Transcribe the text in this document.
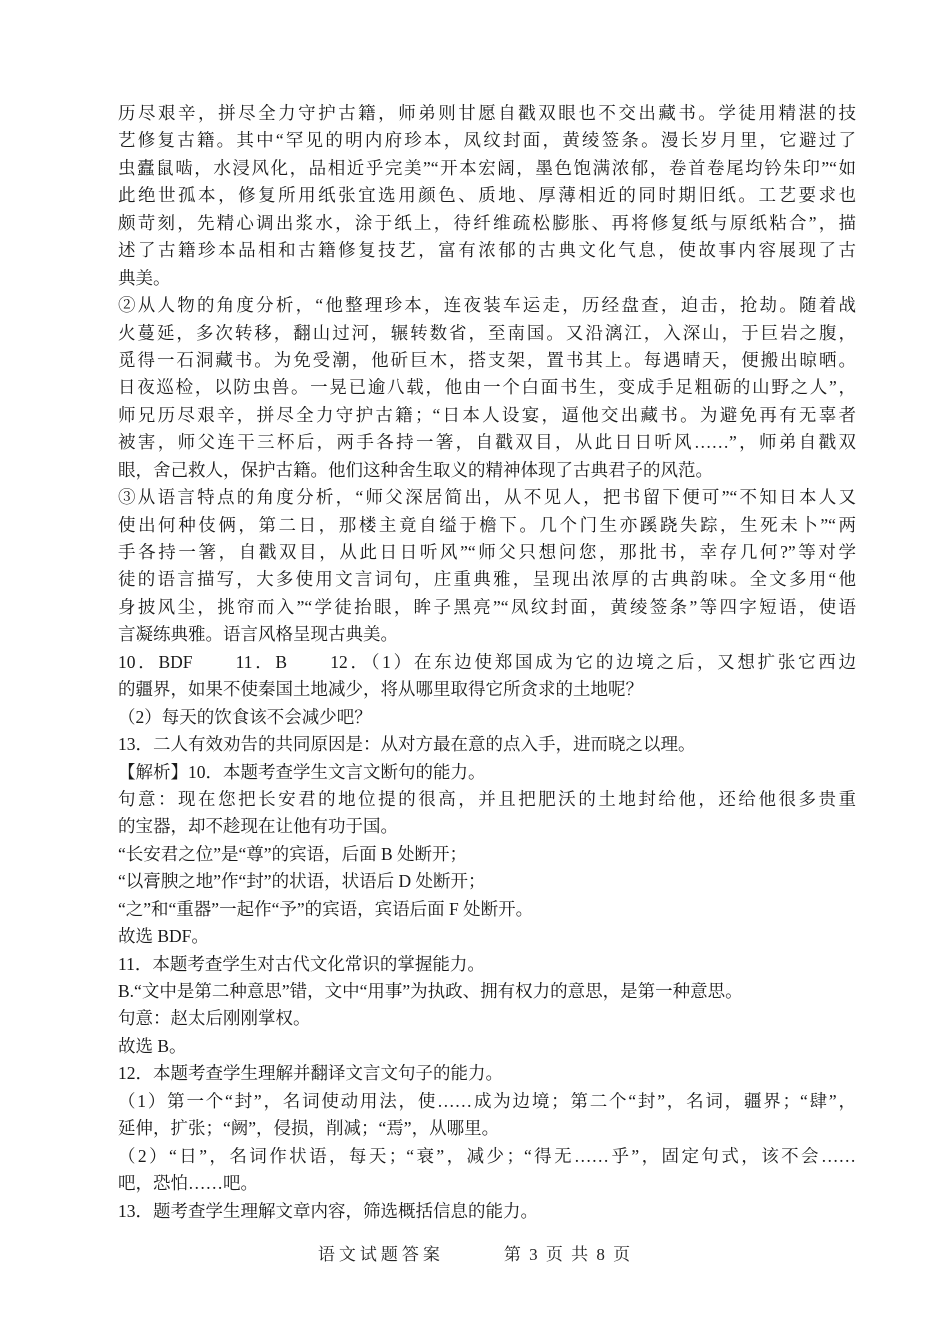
历尽艰辛，拼尽全力守护古籍，师弟则甘愿自戳双眼也不交出藏书。学徒用精湛的技
艺修复古籍。其中“罕见的明内府珍本，凤纹封面，黄绫签条。漫长岁月里，它避过了
虫蠹鼠啮，水浸风化，品相近乎完美”“开本宏阔，墨色饱满浓郁，卷首卷尾均钤朱印”“如
此绝世孤本，修复所用纸张宜选用颜色、质地、厚薄相近的同时期旧纸。工艺要求也
颇苛刻，先精心调出浆水，涂于纸上，待纤维疏松膨胀、再将修复纸与原纸粘合”，描
述了古籍珍本品相和古籍修复技艺，富有浓郁的古典文化气息，使故事内容展现了古
典美。
②从人物的角度分析，“他整理珍本，连夜装车运走，历经盘查，迫击，抢劫。随着战
火蔓延，多次转移，翻山过河，辗转数省，至南国。又沿漓江，入深山，于巨岩之腹，
觅得一石洞藏书。为免受潮，他斫巨木，搭支架，置书其上。每遇晴天，便搬出晾晒。
日夜巡检，以防虫兽。一晃已逾八载，他由一个白面书生，变成手足粗砺的山野之人”，
师兄历尽艰辛，拼尽全力守护古籍；“日本人设宴，逼他交出藏书。为避免再有无辜者
被害，师父连干三杯后，两手各持一箸，自戳双目，从此日日听风……”，师弟自戳双
眼，舍己救人，保护古籍。他们这种舍生取义的精神体现了古典君子的风范。
③从语言特点的角度分析，“师父深居简出，从不见人，把书留下便可”“不知日本人又
使出何种伎俩，第二日，那楼主竟自缢于檐下。几个门生亦蹊跷失踪，生死未卜”“两
手各持一箸，自戳双目，从此日日听风”“师父只想问您，那批书，幸存几何?”等对学
徒的语言描写，大多使用文言词句，庄重典雅，呈现出浓厚的古典韵味。全文多用“他
身披风尘，挑帘而入”“学徒抬眼，眸子黑亮”“凤纹封面，黄绫签条”等四字短语，使语
言凝练典雅。语言风格呈现古典美。
10．BDF　　11．B　　12．（1）在东边使郑国成为它的边境之后，又想扩张它西边
的疆界，如果不使秦国土地减少，将从哪里取得它所贪求的土地呢？
（2）每天的饮食该不会减少吧？
13．二人有效劝告的共同原因是：从对方最在意的点入手，进而晓之以理。
【解析】10．本题考查学生文言文断句的能力。
句意：现在您把长安君的地位提的很高，并且把肥沃的土地封给他，还给他很多贵重
的宝器，却不趁现在让他有功于国。
“长安君之位”是“尊”的宾语，后面 B 处断开；
“以膏腴之地”作“封”的状语，状语后 D 处断开；
“之”和“重器”一起作“予”的宾语，宾语后面 F 处断开。
故选 BDF。
11．本题考查学生对古代文化常识的掌握能力。
B.“文中是第二种意思”错，文中“用事”为执政、拥有权力的意思，是第一种意思。
句意：赵太后刚刚掌权。
故选 B。
12．本题考查学生理解并翻译文言文句子的能力。
（1）第一个“封”，名词使动用法，使……成为边境；第二个“封”，名词，疆界；“肆”，
延伸，扩张；“阙”，侵损，削减；“焉”，从哪里。
（2）“日”，名词作状语，每天；“衰”，减少；“得无……乎”，固定句式，该不会……
吧，恐怕……吧。
13．题考查学生理解文章内容，筛选概括信息的能力。
语文试题答案	第 3 页 共 8 页
